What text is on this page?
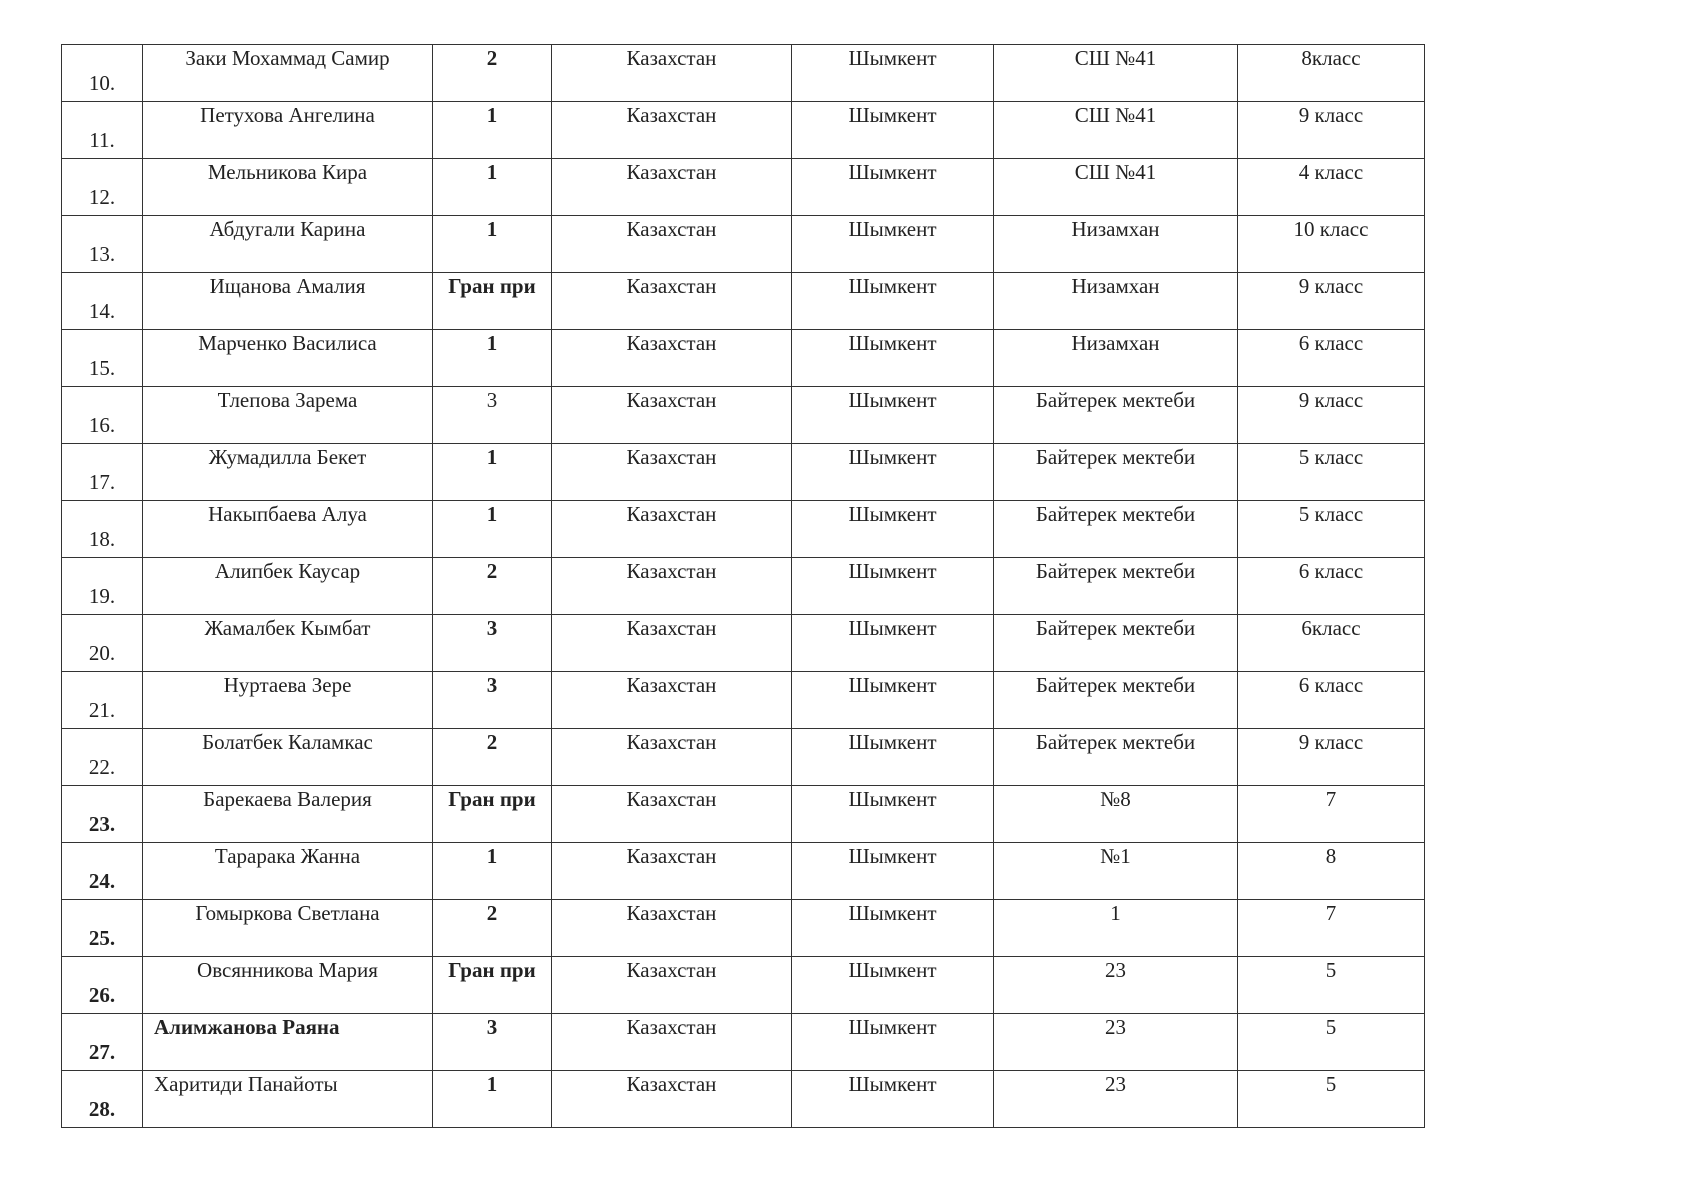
10.	Заки Мохаммад Самир	2	Казахстан	Шымкент	СШ №41	8класс

11.	Петухова Ангелина	1	Казахстан	Шымкент	СШ №41	9 класс

12.	Мельникова Кира	1	Казахстан	Шымкент	СШ №41	4 класс

13.	Абдугали Карина	1	Казахстан	Шымкент	Низамхан	10 класс

14.	Ищанова Амалия	Гран при	Казахстан	Шымкент	Низамхан	9 класс

15.	Марченко Василиса	1	Казахстан	Шымкент	Низамхан	6 класс

16.	Тлепова Зарема	3	Казахстан	Шымкент	Байтерек мектеби	9 класс

17.	Жумадилла Бекет	1	Казахстан	Шымкент	Байтерек мектеби	5 класс

18.	Накыпбаева Алуа	1	Казахстан	Шымкент	Байтерек мектеби	5 класс

19.	Алипбек Каусар	2	Казахстан	Шымкент	Байтерек мектеби	6 класс

20.	Жамалбек Кымбат	3	Казахстан	Шымкент	Байтерек мектеби	6класс

21.	Нуртаева Зере	3	Казахстан	Шымкент	Байтерек мектеби	6 класс

22.	Болатбек Каламкас	2	Казахстан	Шымкент	Байтерек мектеби	9 класс

23.	Барекаева Валерия	Гран при	Казахстан	Шымкент	№8	7

24.	Тарарака Жанна	1	Казахстан	Шымкент	№1	8

25.	Гомыркова Светлана	2	Казахстан	Шымкент	1	7

26.	Овсянникова Мария	Гран при	Казахстан	Шымкент	23	5

27.	Алимжанова Раяна	3	Казахстан	Шымкент	23	5

28.	Харитиди Панайоты	1	Казахстан	Шымкент	23	5
